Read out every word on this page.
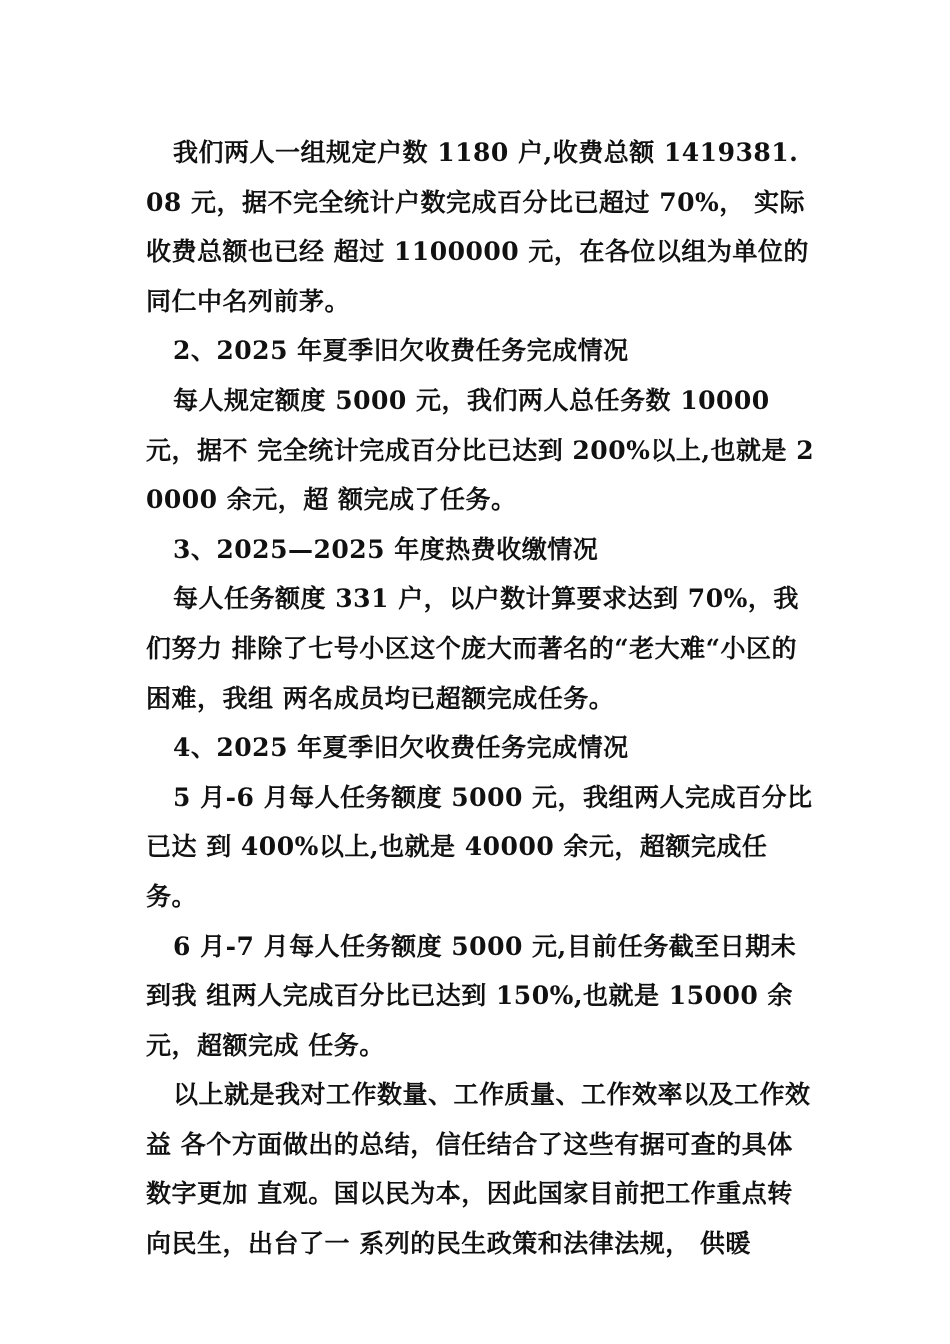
我们两人一组规定户数 1180 户,收费总额 1419381.08 元，据不完全统计户数完成百分比已超过 70%， 实际收费总额也已经 超过 1100000 元，在各位以组为单位的同仁中名列前茅。

2、2025 年夏季旧欠收费任务完成情况

每人规定额度 5000 元，我们两人总任务数 10000 元，据不 完全统计完成百分比已达到 200%以上,也就是 20000 余元，超 额完成了任务。

3、2025—2025 年度热费收缴情况

每人任务额度 331 户，以户数计算要求达到 70%，我们努力 排除了七号小区这个庞大而著名的“老大难“小区的困难，我组 两名成员均已超额完成任务。

4、2025 年夏季旧欠收费任务完成情况

5 月-6 月每人任务额度 5000 元，我组两人完成百分比已达 到 400%以上,也就是 40000 余元，超额完成任务。

6 月-7 月每人任务额度 5000 元,目前任务截至日期未到我 组两人完成百分比已达到 150%,也就是 15000 余元，超额完成 任务。

以上就是我对工作数量、工作质量、工作效率以及工作效益 各个方面做出的总结，信任结合了这些有据可查的具体数字更加 直观。国以民为本，因此国家目前把工作重点转向民生，出台了一 系列的民生政策和法律法规， 供暖
